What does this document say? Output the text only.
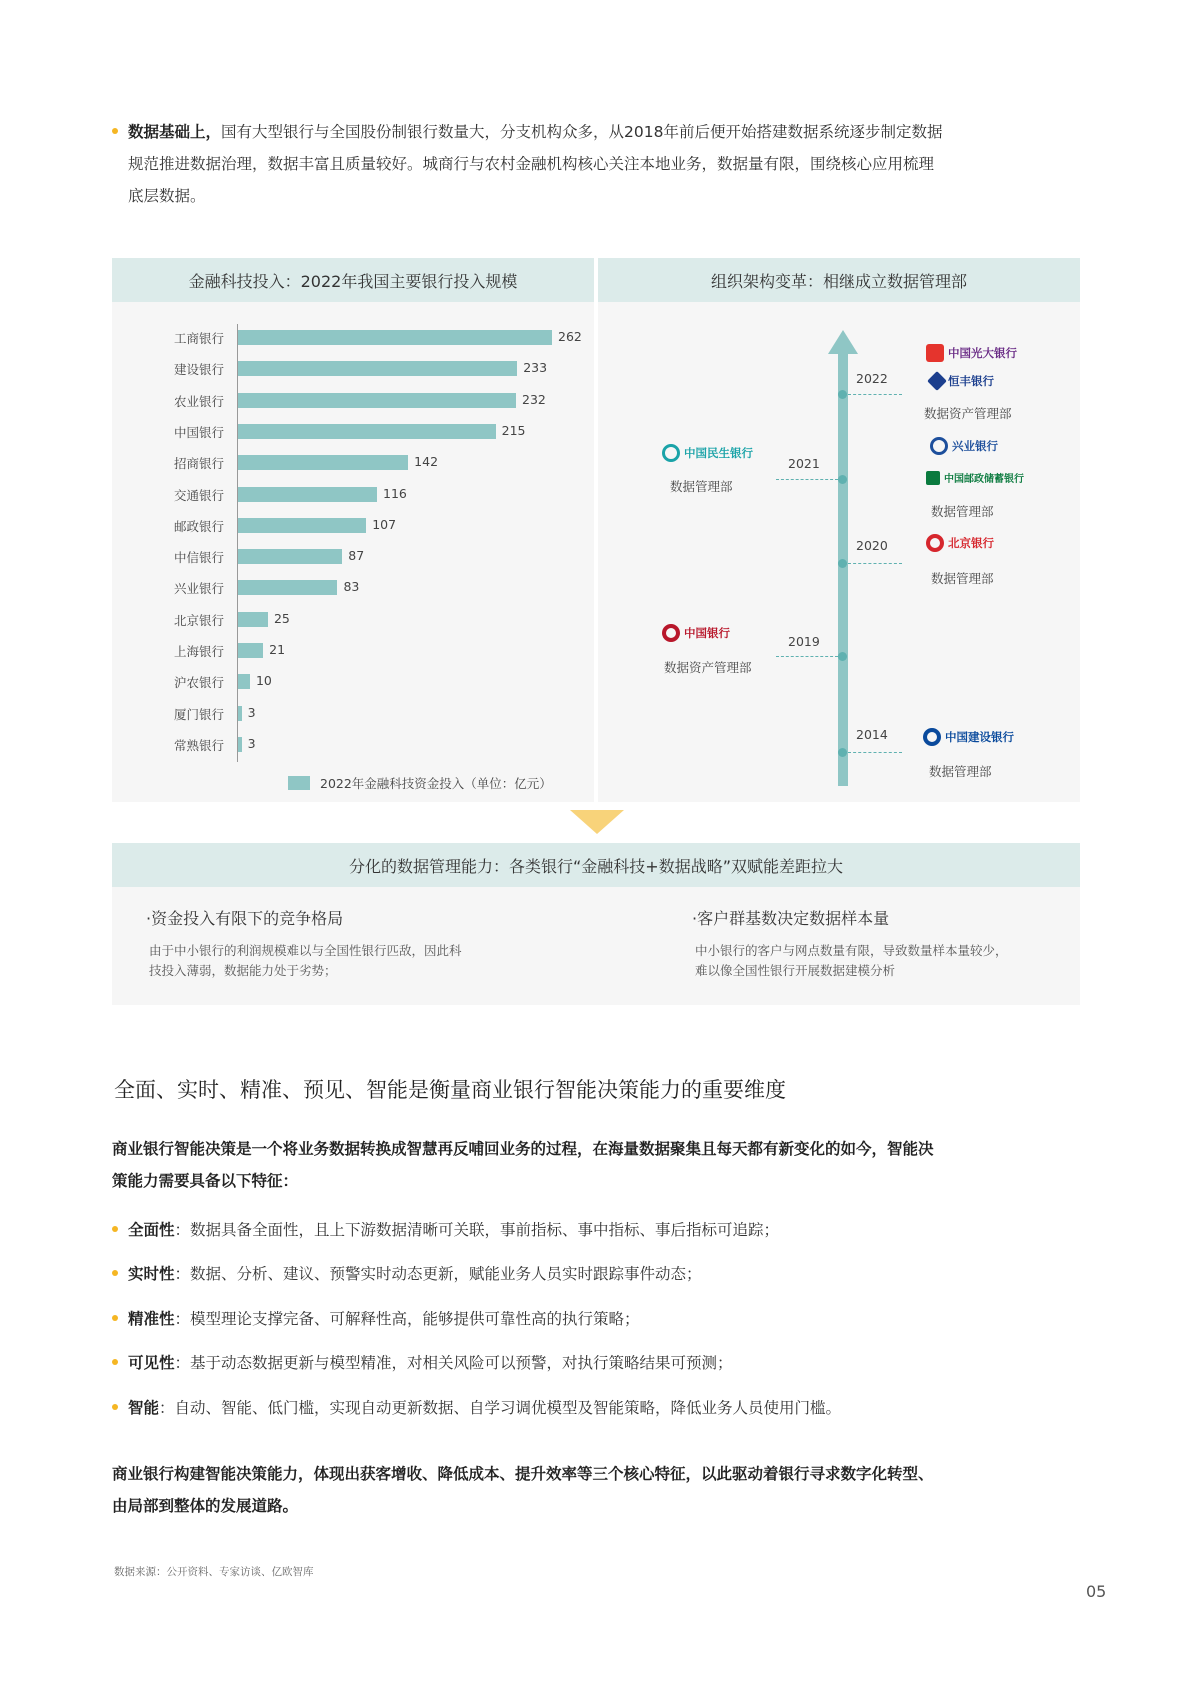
数据基础上，国有大型银行与全国股份制银行数量大，分支机构众多，从2018年前后便开始搭建数据系统逐步制定数据
规范推进数据治理，数据丰富且质量较好。城商行与农村金融机构核心关注本地业务，数据量有限，围绕核心应用梳理
底层数据。
金融科技投入：2022年我国主要银行投入规模
工商银行	262
建设银行	233
农业银行	232
中国银行	215
招商银行	142
交通银行	116
邮政银行	107
中信银行	87
兴业银行	83
北京银行	25
上海银行	21
沪农银行	10
厦门银行 3
常熟银行 3
2022年金融科技资金投入（单位：亿元）
组织架构变革：相继成立数据管理部
2022
2021
2020
2019
2014
中国光大银行
恒丰银行
数据资产管理部
兴业银行
中国邮政储蓄银行
数据管理部
北京银行
数据管理部
中国建设银行
数据管理部
中国民生银行
数据管理部
中国银行
数据资产管理部
分化的数据管理能力：各类银行“金融科技+数据战略”双赋能差距拉大
·资金投入有限下的竞争格局
由于中小银行的利润规模难以与全国性银行匹敌，因此科
技投入薄弱，数据能力处于劣势；
·客户群基数决定数据样本量
中小银行的客户与网点数量有限，导致数量样本量较少，
难以像全国性银行开展数据建模分析
全面、实时、精准、预见、智能是衡量商业银行智能决策能力的重要维度
商业银行智能决策是一个将业务数据转换成智慧再反哺回业务的过程，在海量数据聚集且每天都有新变化的如今，智能决
策能力需要具备以下特征：
全面性：数据具备全面性，且上下游数据清晰可关联，事前指标、事中指标、事后指标可追踪；
实时性：数据、分析、建议、预警实时动态更新，赋能业务人员实时跟踪事件动态；
精准性：模型理论支撑完备、可解释性高，能够提供可靠性高的执行策略；
可见性：基于动态数据更新与模型精准，对相关风险可以预警，对执行策略结果可预测；
智能：自动、智能、低门槛，实现自动更新数据、自学习调优模型及智能策略，降低业务人员使用门槛。
商业银行构建智能决策能力，体现出获客增收、降低成本、提升效率等三个核心特征，以此驱动着银行寻求数字化转型、
由局部到整体的发展道路。
数据来源：公开资料、专家访谈、亿欧智库
05
